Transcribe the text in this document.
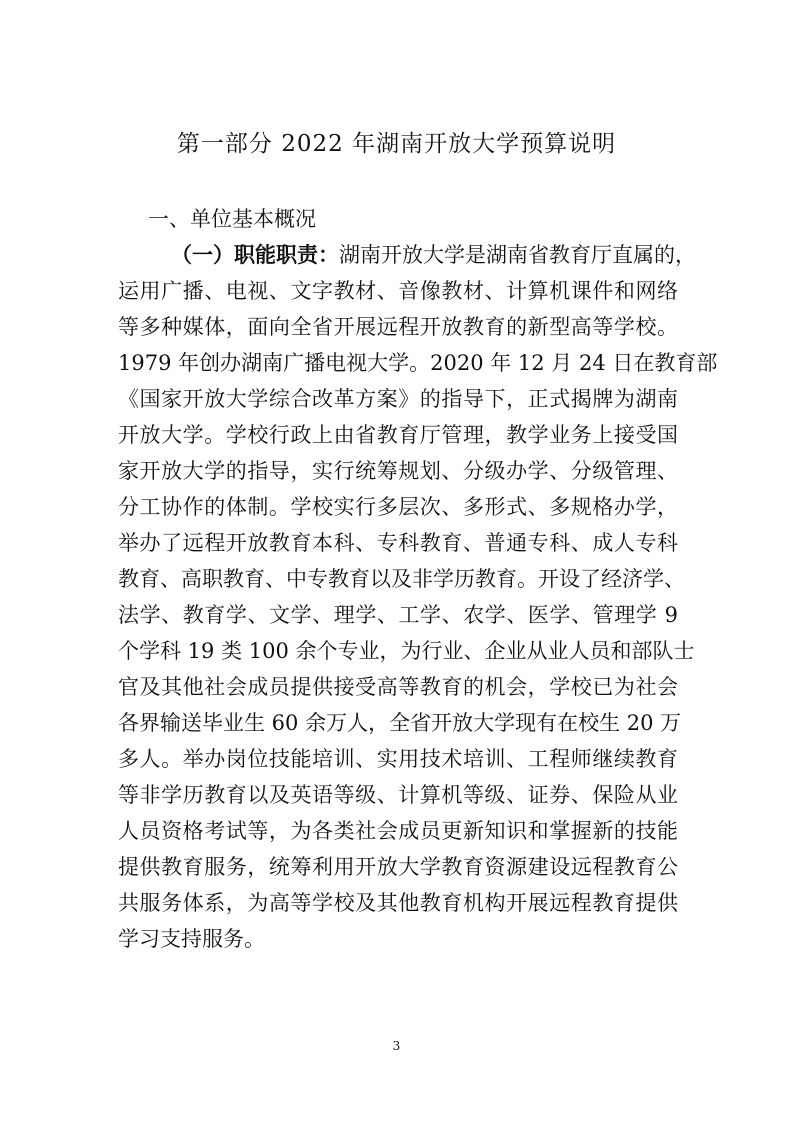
第一部分 2022 年湖南开放大学预算说明
一、单位基本概况
（一）职能职责：湖南开放大学是湖南省教育厅直属的，
运用广播、电视、文字教材、音像教材、计算机课件和网络
等多种媒体，面向全省开展远程开放教育的新型高等学校。
1979 年创办湖南广播电视大学。2020 年 12 月 24 日在教育部
《国家开放大学综合改革方案》的指导下，正式揭牌为湖南
开放大学。学校行政上由省教育厅管理，教学业务上接受国
家开放大学的指导，实行统筹规划、分级办学、分级管理、
分工协作的体制。学校实行多层次、多形式、多规格办学，
举办了远程开放教育本科、专科教育、普通专科、成人专科
教育、高职教育、中专教育以及非学历教育。开设了经济学、
法学、教育学、文学、理学、工学、农学、医学、管理学 9
个学科 19 类 100 余个专业，为行业、企业从业人员和部队士
官及其他社会成员提供接受高等教育的机会，学校已为社会
各界输送毕业生 60 余万人，全省开放大学现有在校生 20 万
多人。举办岗位技能培训、实用技术培训、工程师继续教育
等非学历教育以及英语等级、计算机等级、证券、保险从业
人员资格考试等，为各类社会成员更新知识和掌握新的技能
提供教育服务，统筹利用开放大学教育资源建设远程教育公
共服务体系，为高等学校及其他教育机构开展远程教育提供
学习支持服务。
3
